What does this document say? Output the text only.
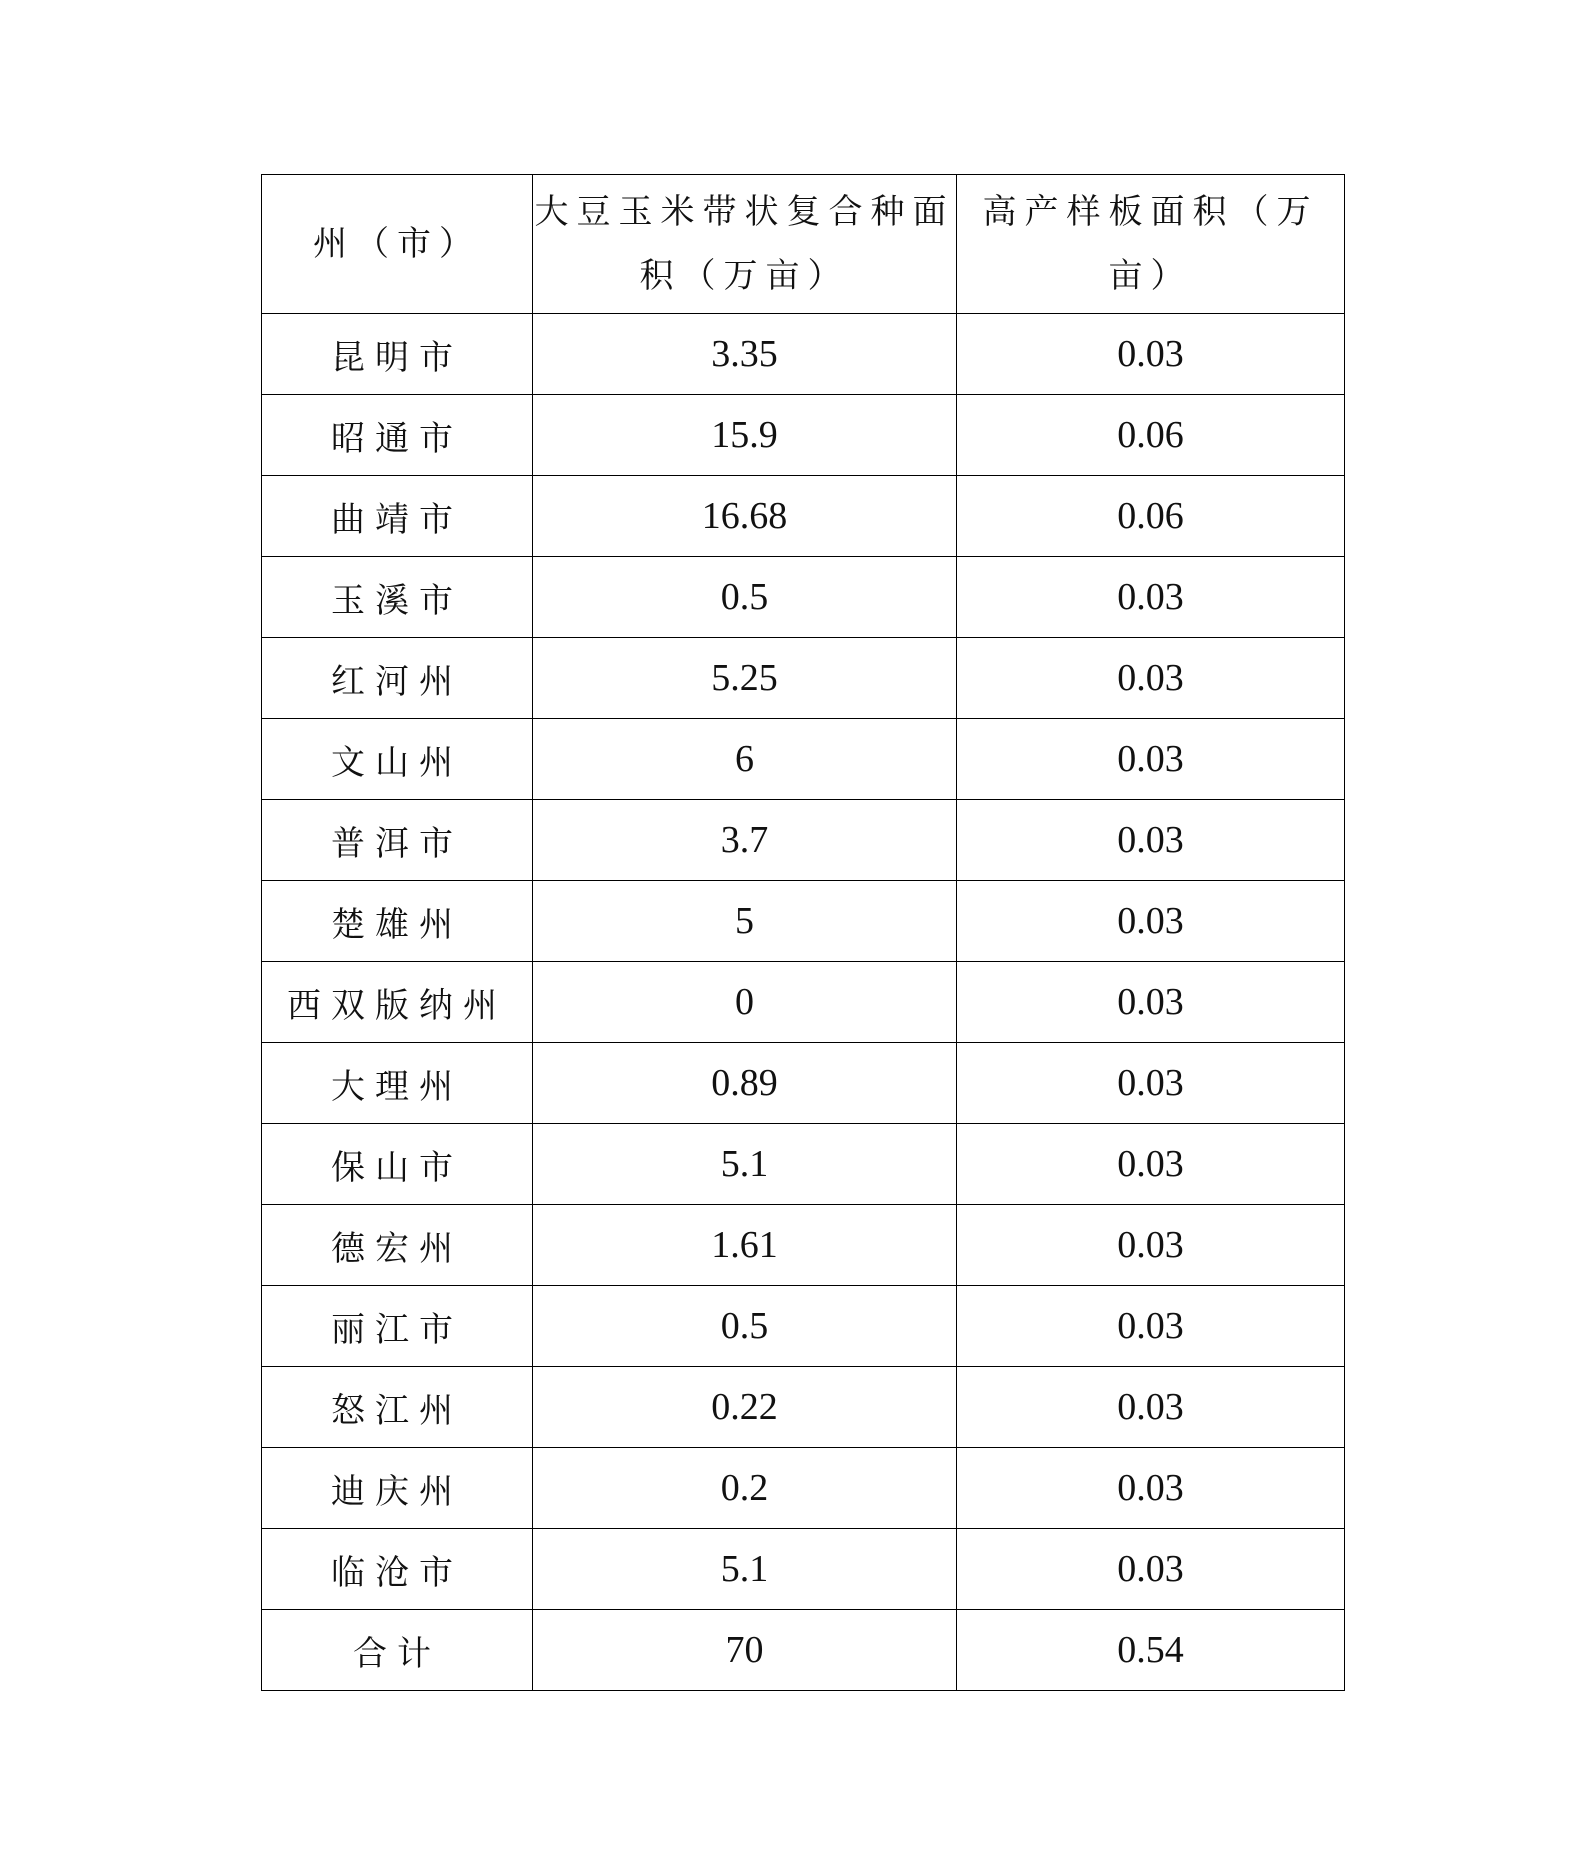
州（市）	大豆玉米带状复合种面积（万亩）	高产样板面积（万亩）
昆明市	3.35	0.03
昭通市	15.9	0.06
曲靖市	16.68	0.06
玉溪市	0.5	0.03
红河州	5.25	0.03
文山州	6	0.03
普洱市	3.7	0.03
楚雄州	5	0.03
西双版纳州	0	0.03
大理州	0.89	0.03
保山市	5.1	0.03
德宏州	1.61	0.03
丽江市	0.5	0.03
怒江州	0.22	0.03
迪庆州	0.2	0.03
临沧市	5.1	0.03
合计	70	0.54
